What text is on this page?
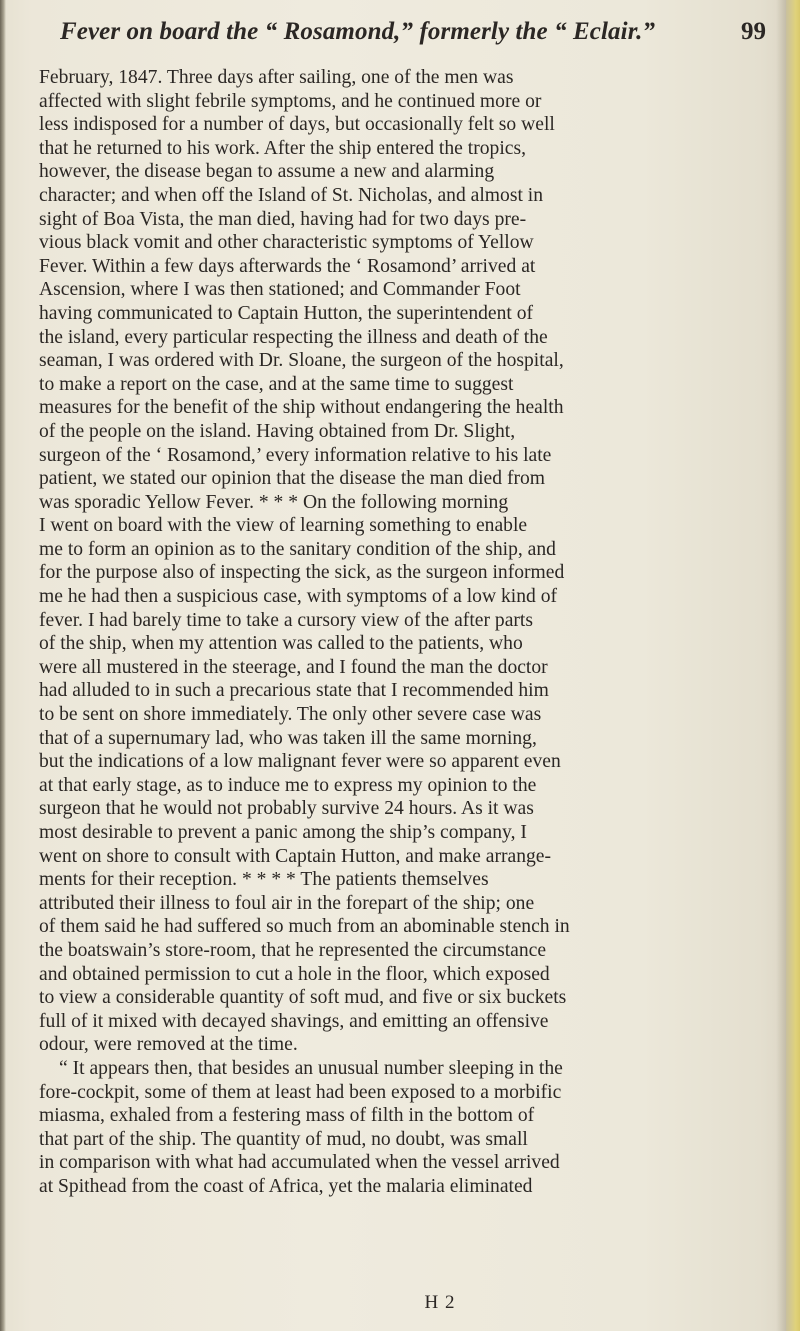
Fever on board the “ Rosamond,” formerly the “ Eclair.”	99
February, 1847. Three days after sailing, one of the men was
affected with slight febrile symptoms, and he continued more or
less indisposed for a number of days, but occasionally felt so well
that he returned to his work. After the ship entered the tropics,
however, the disease began to assume a new and alarming
character; and when off the Island of St. Nicholas, and almost in
sight of Boa Vista, the man died, having had for two days pre-
vious black vomit and other characteristic symptoms of Yellow
Fever. Within a few days afterwards the ‘ Rosamond’ arrived at
Ascension, where I was then stationed; and Commander Foot
having communicated to Captain Hutton, the superintendent of
the island, every particular respecting the illness and death of the
seaman, I was ordered with Dr. Sloane, the surgeon of the hospital,
to make a report on the case, and at the same time to suggest
measures for the benefit of the ship without endangering the health
of the people on the island. Having obtained from Dr. Slight,
surgeon of the ‘ Rosamond,’ every information relative to his late
patient, we stated our opinion that the disease the man died from
was sporadic Yellow Fever. * * * On the following morning
I went on board with the view of learning something to enable
me to form an opinion as to the sanitary condition of the ship, and
for the purpose also of inspecting the sick, as the surgeon informed
me he had then a suspicious case, with symptoms of a low kind of
fever. I had barely time to take a cursory view of the after parts
of the ship, when my attention was called to the patients, who
were all mustered in the steerage, and I found the man the doctor
had alluded to in such a precarious state that I recommended him
to be sent on shore immediately. The only other severe case was
that of a supernumary lad, who was taken ill the same morning,
but the indications of a low malignant fever were so apparent even
at that early stage, as to induce me to express my opinion to the
surgeon that he would not probably survive 24 hours. As it was
most desirable to prevent a panic among the ship’s company, I
went on shore to consult with Captain Hutton, and make arrange-
ments for their reception. * * * * The patients themselves
attributed their illness to foul air in the forepart of the ship; one
of them said he had suffered so much from an abominable stench in
the boatswain’s store-room, that he represented the circumstance
and obtained permission to cut a hole in the floor, which exposed
to view a considerable quantity of soft mud, and five or six buckets
full of it mixed with decayed shavings, and emitting an offensive
odour, were removed at the time.
“ It appears then, that besides an unusual number sleeping in the
fore-cockpit, some of them at least had been exposed to a morbific
miasma, exhaled from a festering mass of filth in the bottom of
that part of the ship. The quantity of mud, no doubt, was small
in comparison with what had accumulated when the vessel arrived
at Spithead from the coast of Africa, yet the malaria eliminated
H 2
